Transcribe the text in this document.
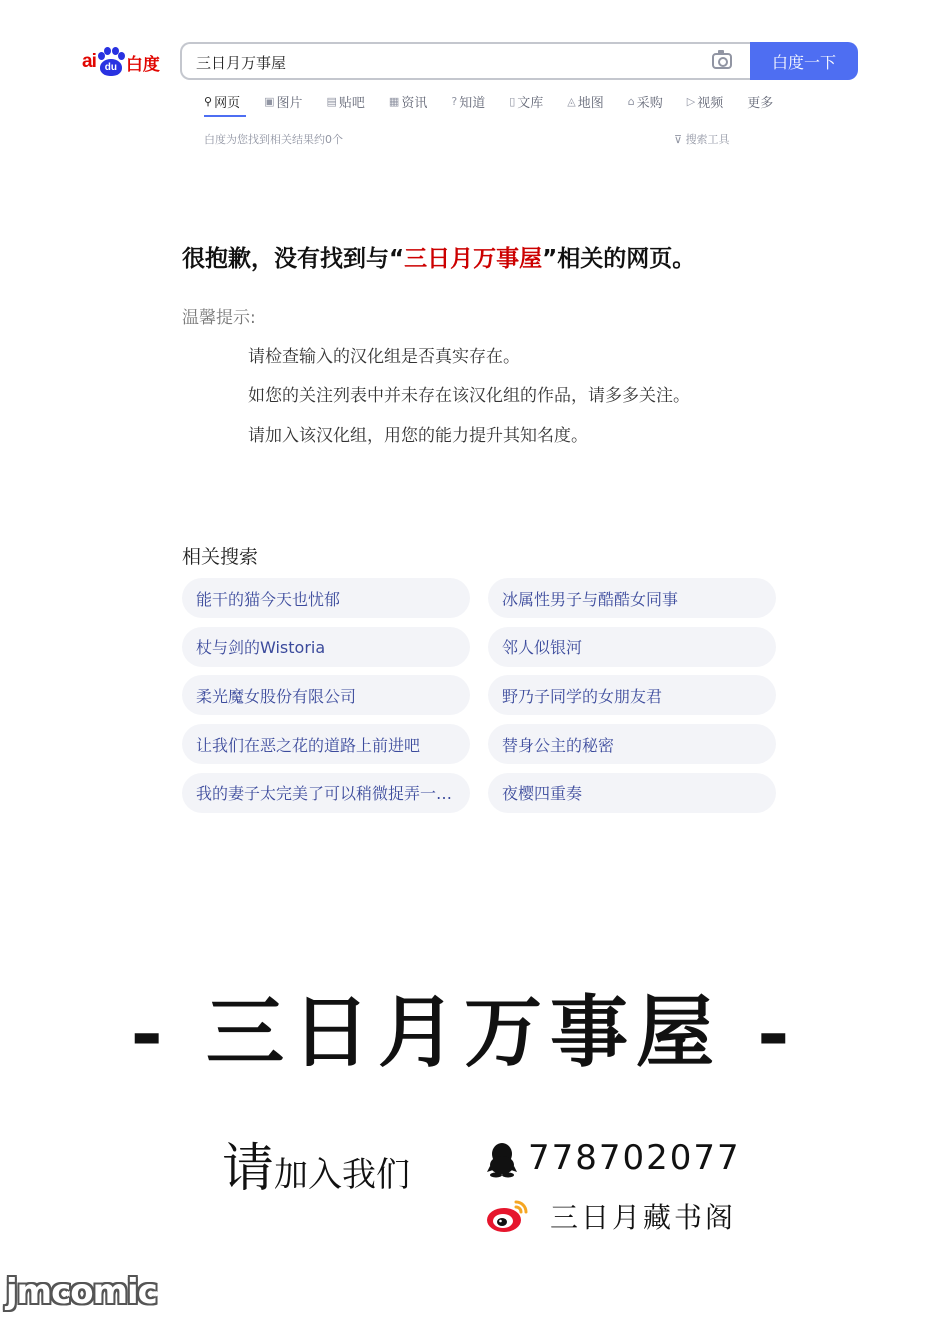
ai du 白度
三日月万事屋	白度一下
⚲ 网页 ▣ 图片 ▤ 贴吧 ▦ 资讯 ? 知道 ▯ 文库 ◬ 地图 ⌂ 采购 ▷ 视频 更多
白度为您找到相关结果约0个	⊽ 搜索工具
很抱歉，没有找到与“三日月万事屋”相关的网页。
温馨提示:
请检查输入的汉化组是否真实存在。
如您的关注列表中并未存在该汉化组的作品，请多多关注。
请加入该汉化组，用您的能力提升其知名度。
相关搜索
能干的猫今天也忧郁	冰属性男子与酷酷女同事
杖与剑的Wistoria	邻人似银河
柔光魔女股份有限公司	野乃子同学的女朋友君
让我们在恶之花的道路上前进吧	替身公主的秘密
我的妻子太完美了可以稍微捉弄一…	夜樱四重奏
- 三日月万事屋 -
请加入我们	778702077
三日月藏书阁
jmcomic
